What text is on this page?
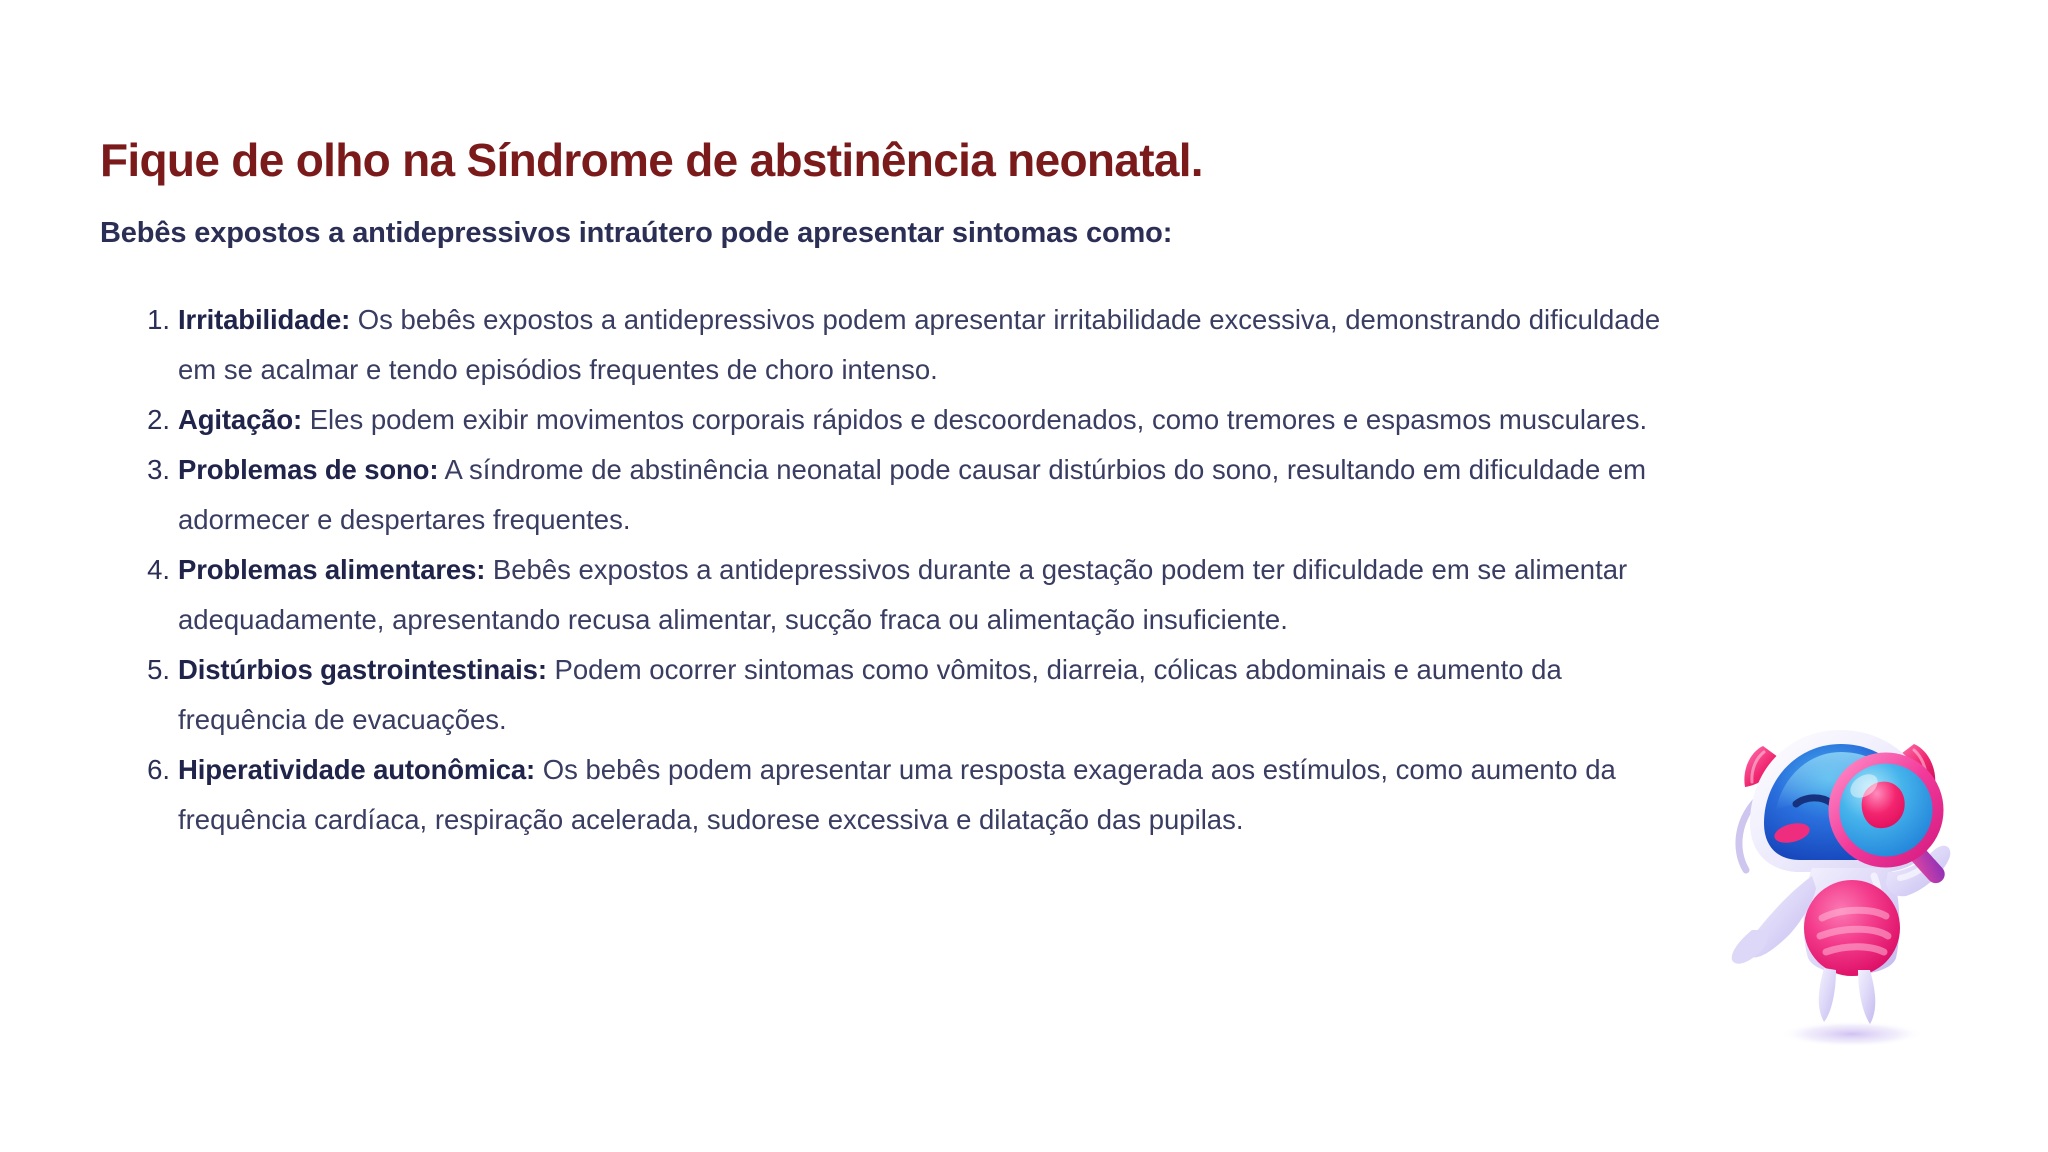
Fique de olho na Síndrome de abstinência neonatal.
Bebês expostos a antidepressivos intraútero pode apresentar sintomas como:
1. Irritabilidade: Os bebês expostos a antidepressivos podem apresentar irritabilidade excessiva, demonstrando dificuldade em se acalmar e tendo episódios frequentes de choro intenso.
2. Agitação: Eles podem exibir movimentos corporais rápidos e descoordenados, como tremores e espasmos musculares.
3. Problemas de sono: A síndrome de abstinência neonatal pode causar distúrbios do sono, resultando em dificuldade em adormecer e despertares frequentes.
4. Problemas alimentares: Bebês expostos a antidepressivos durante a gestação podem ter dificuldade em se alimentar adequadamente, apresentando recusa alimentar, sucção fraca ou alimentação insuficiente.
5. Distúrbios gastrointestinais: Podem ocorrer sintomas como vômitos, diarreia, cólicas abdominais e aumento da frequência de evacuações.
6. Hiperatividade autonômica: Os bebês podem apresentar uma resposta exagerada aos estímulos, como aumento da frequência cardíaca, respiração acelerada, sudorese excessiva e dilatação das pupilas.
